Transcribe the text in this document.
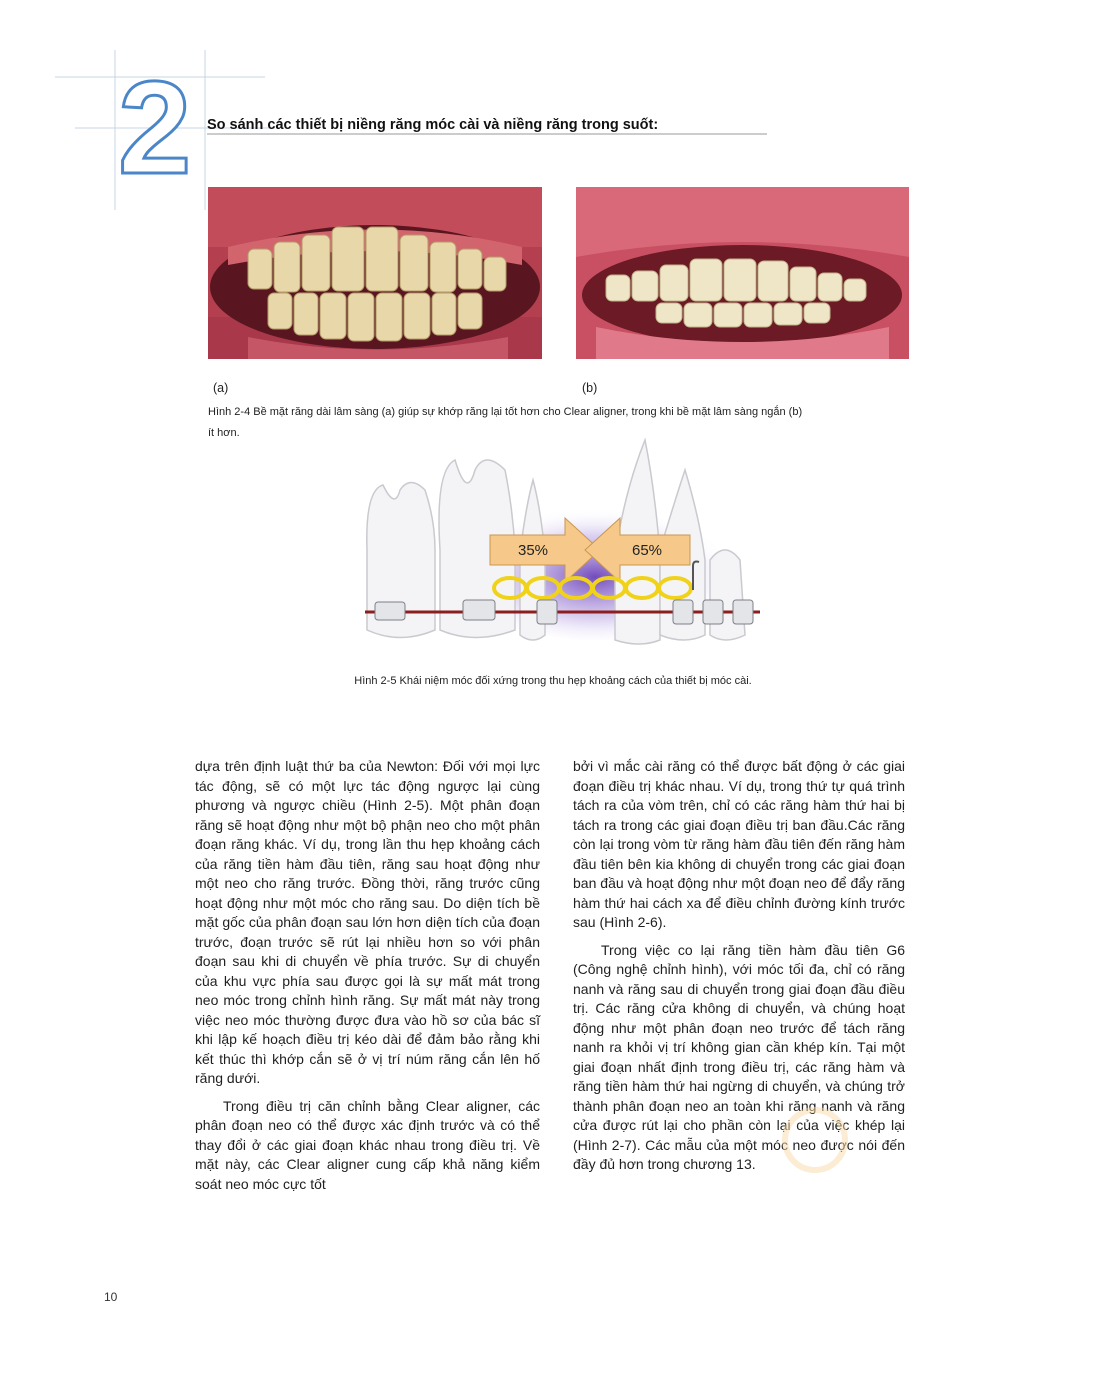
2 So sánh các thiết bị niềng răng móc cài và niềng răng trong suốt:
(a)	(b)
Hình 2-4 Bề mặt răng dài lâm sàng (a) giúp sự khớp răng lại tốt hơn cho Clear aligner, trong khi bề mặt lâm sàng ngắn (b) ít hơn.
35%	65%
Hình 2-5 Khái niệm móc đối xứng trong thu hẹp khoảng cách của thiết bị móc cài.

dựa trên định luật thứ ba của Newton: Đối với mọi lực tác động, sẽ có một lực tác động ngược lại cùng phương và ngược chiều (Hình 2-5). Một phân đoạn răng sẽ hoạt động như một bộ phận neo cho một phân đoạn răng khác. Ví dụ, trong lần thu hẹp khoảng cách của răng tiền hàm đầu tiên, răng sau hoạt động như một neo cho răng trước. Đồng thời, răng trước cũng hoạt động như một móc cho răng sau. Do diện tích bề mặt gốc của phân đoạn sau lớn hơn diện tích của đoạn trước, đoạn trước sẽ rút lại nhiều hơn so với phân đoạn sau khi di chuyển về phía trước. Sự di chuyển của khu vực phía sau được gọi là sự mất mát trong neo móc trong chỉnh hình răng. Sự mất mát này trong việc neo móc thường được đưa vào hồ sơ của bác sĩ khi lập kế hoạch điều trị kéo dài để đảm bảo rằng khi kết thúc thì khớp cắn sẽ ở vị trí núm răng cắn lên hố răng dưới.

Trong điều trị căn chỉnh bằng Clear aligner, các phân đoạn neo có thể được xác định trước và có thể thay đổi ở các giai đoạn khác nhau trong điều trị. Về mặt này, các Clear aligner cung cấp khả năng kiểm soát neo móc cực tốt

bởi vì mắc cài răng có thể được bất động ở các giai đoạn điều trị khác nhau. Ví dụ, trong thứ tự quá trình tách ra của vòm trên, chỉ có các răng hàm thứ hai bị tách ra trong các giai đoạn điều trị ban đầu.Các răng còn lại trong vòm từ răng hàm đầu tiên đến răng hàm đầu tiên bên kia không di chuyển trong các giai đoạn ban đầu và hoạt động như một đoạn neo để đẩy răng hàm thứ hai cách xa để điều chỉnh đường kính trước sau (Hình 2-6).

Trong việc co lại răng tiền hàm đầu tiên G6 (Công nghệ chỉnh hình), với móc tối đa, chỉ có răng nanh và răng sau di chuyển trong giai đoạn đầu điều trị. Các răng cửa không di chuyển, và chúng hoạt động như một phân đoạn neo trước để tách răng nanh ra khỏi vị trí không gian cần khép kín. Tại một giai đoạn nhất định trong điều trị, các răng hàm và răng tiền hàm thứ hai ngừng di chuyển, và chúng trở thành phân đoạn neo an toàn khi răng nanh và răng cửa được rút lại cho phần còn lại của việc khép lại (Hình 2-7). Các mẫu của một móc neo được nói đến đầy đủ hơn trong chương 13.

10
